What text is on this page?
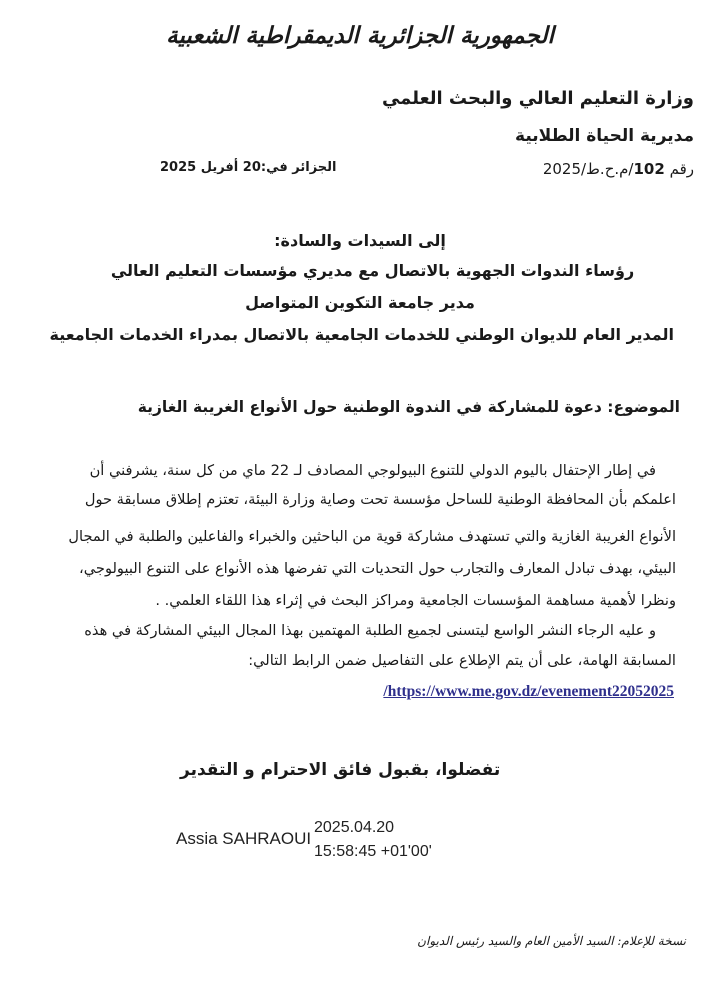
الجمهورية الجزائرية الديمقراطية الشعبية
وزارة التعليم العالي والبحث العلمي
مديرية الحياة الطلابية
رقم 102/م.ح.ط/2025
الجزائر في:20 أفريل 2025
إلى السيدات والسادة:
رؤساء الندوات الجهوية بالاتصال مع مديري مؤسسات التعليم العالي
مدير جامعة التكوين المتواصل
المدير العام للديوان الوطني للخدمات الجامعية بالاتصال بمدراء الخدمات الجامعية
الموضوع: دعوة للمشاركة في الندوة الوطنية حول الأنواع الغريبة الغازية
في إطار الإحتفال باليوم الدولي للتنوع البيولوجي المصادف لـ 22 ماي من كل سنة، يشرفني أن
اعلمكم بأن المحافظة الوطنية للساحل مؤسسة تحت وصاية وزارة البيئة، تعتزم إطلاق مسابقة حول
الأنواع الغريبة الغازية والتي تستهدف مشاركة قوية من الباحثين والخبراء والفاعلين والطلبة في المجال
البيئي، بهدف تبادل المعارف والتجارب حول التحديات التي تفرضها هذه الأنواع على التنوع البيولوجي،
ونظرا لأهمية مساهمة المؤسسات الجامعية ومراكز البحث في إثراء هذا اللقاء العلمي. .
و عليه الرجاء النشر الواسع ليتسنى لجميع الطلبة المهتمين بهذا المجال البيئي المشاركة في هذه
المسابقة الهامة، على أن يتم الإطلاع على التفاصيل ضمن الرابط التالي:
/https://www.me.gov.dz/evenement22052025
تفضلوا، بقبول فائق الاحترام و التقدير
Assia SAHRAOUI
2025.04.20
15:58:45 +01'00'
نسخة للإعلام: السيد الأمين العام والسيد رئيس الديوان
